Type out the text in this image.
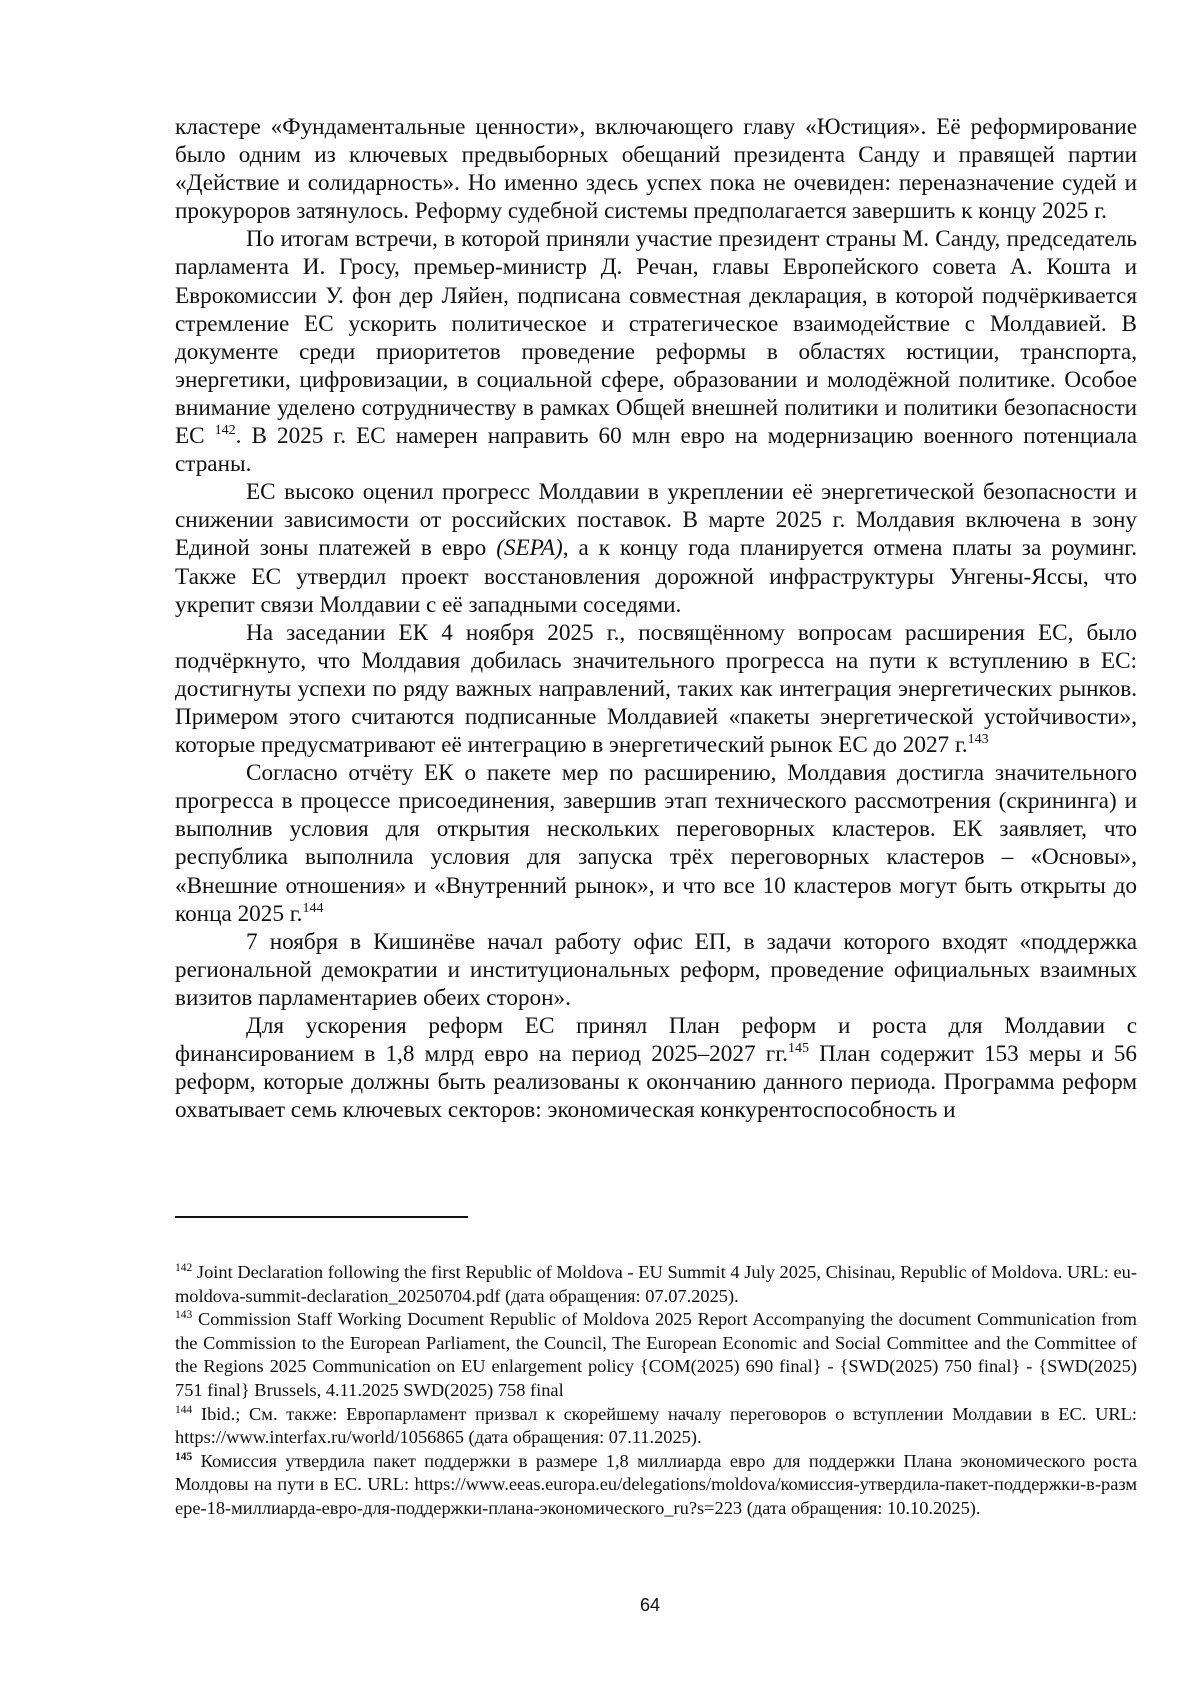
кластере «Фундаментальные ценности», включающего главу «Юстиция». Её реформирование было одним из ключевых предвыборных обещаний президента Санду и правящей партии «Действие и солидарность». Но именно здесь успех пока не очевиден: переназначение судей и прокуроров затянулось. Реформу судебной системы предполагается завершить к концу 2025 г.

По итогам встречи, в которой приняли участие президент страны М. Санду, председатель парламента И. Гросу, премьер-министр Д. Речан, главы Европейского совета А. Кошта и Еврокомиссии У. фон дер Ляйен, подписана совместная декларация, в которой подчёркивается стремление ЕС ускорить политическое и стратегическое взаимодействие с Молдавией. В документе среди приоритетов проведение реформы в областях юстиции, транспорта, энергетики, цифровизации, в социальной сфере, образовании и молодёжной политике. Особое внимание уделено сотрудничеству в рамках Общей внешней политики и политики безопасности ЕС $^{142}$. В 2025 г. ЕС намерен направить 60 млн евро на модернизацию военного потенциала страны.

ЕС высоко оценил прогресс Молдавии в укреплении её энергетической безопасности и снижении зависимости от российских поставок. В марте 2025 г. Молдавия включена в зону Единой зоны платежей в евро (SEPA), а к концу года планируется отмена платы за роуминг. Также ЕС утвердил проект восстановления дорожной инфраструктуры Унгены-Яссы, что укрепит связи Молдавии с её западными соседями.

На заседании ЕК 4 ноября 2025 г., посвящённому вопросам расширения ЕС, было подчёркнуто, что Молдавия добилась значительного прогресса на пути к вступлению в ЕС: достигнуты успехи по ряду важных направлений, таких как интеграция энергетических рынков. Примером этого считаются подписанные Молдавией «пакеты энергетической устойчивости», которые предусматривают её интеграцию в энергетический рынок ЕС до 2027 г.$^{143}$

Согласно отчёту ЕК о пакете мер по расширению, Молдавия достигла значительного прогресса в процессе присоединения, завершив этап технического рассмотрения (скрининга) и выполнив условия для открытия нескольких переговорных кластеров. ЕК заявляет, что республика выполнила условия для запуска трёх переговорных кластеров – «Основы», «Внешние отношения» и «Внутренний рынок», и что все 10 кластеров могут быть открыты до конца 2025 г.$^{144}$

7 ноября в Кишинёве начал работу офис ЕП, в задачи которого входят «поддержка региональной демократии и институциональных реформ, проведение официальных взаимных визитов парламентариев обеих сторон».

Для ускорения реформ ЕС принял План реформ и роста для Молдавии с финансированием в 1,8 млрд евро на период 2025–2027 гг.$^{145}$ План содержит 153 меры и 56 реформ, которые должны быть реализованы к окончанию данного периода. Программа реформ охватывает семь ключевых секторов: экономическая конкурентоспособность и

$^{142}$ Joint Declaration following the first Republic of Moldova - EU Summit 4 July 2025, Chisinau, Republic of Moldova. URL: eu-moldova-summit-declaration_20250704.pdf (дата обращения: 07.07.2025).

$^{143}$ Commission Staff Working Document Republic of Moldova 2025 Report Accompanying the document Communication from the Commission to the European Parliament, the Council, The European Economic and Social Committee and the Committee of the Regions 2025 Communication on EU enlargement policy {COM(2025) 690 final} - {SWD(2025) 750 final} - {SWD(2025) 751 final} Brussels, 4.11.2025 SWD(2025) 758 final

$^{144}$ Ibid.; См. также: Европарламент призвал к скорейшему началу переговоров о вступлении Молдавии в ЕС. URL: https://www.interfax.ru/world/1056865 (дата обращения: 07.11.2025).

$^{145}$ Комиссия утвердила пакет поддержки в размере 1,8 миллиарда евро для поддержки Плана экономического роста Молдовы на пути в ЕС. URL: https://www.eeas.europa.eu/delegations/moldova/комиссия-утвердила-пакет-поддержки-в-размере-18-миллиарда-евро-для-поддержки-плана-экономического_ru?s=223 (дата обращения: 10.10.2025).

64
